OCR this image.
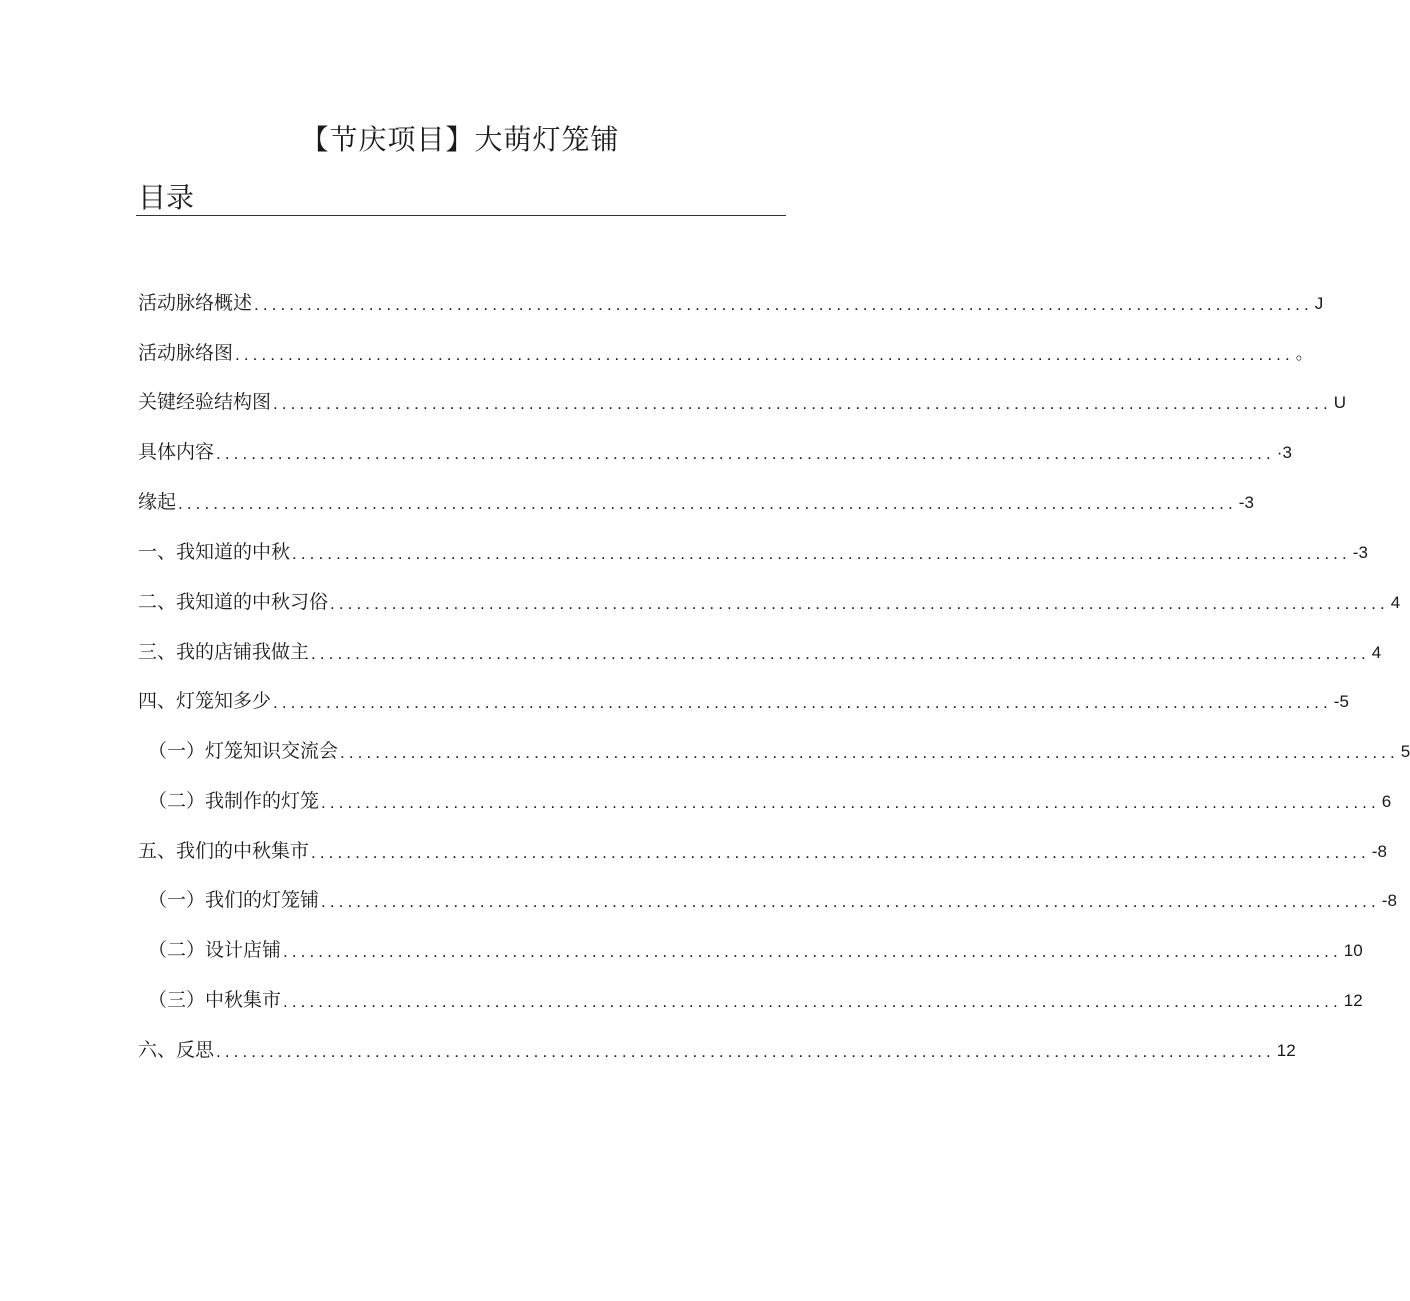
【节庆项目】大萌灯笼铺
目录
活动脉络概述 ........................................................................................................................ J
活动脉络图 ........................................................................................................................ 。
关键经验结构图 ........................................................................................................................ U
具体内容 ........................................................................................................................ ·3
缘起 ........................................................................................................................ -3
一、我知道的中秋 ........................................................................................................................ -3
二、我知道的中秋习俗 ........................................................................................................................ 4
三、我的店铺我做主 ........................................................................................................................ 4
四、灯笼知多少 ........................................................................................................................ -5
（一）灯笼知识交流会 ........................................................................................................................ 5
（二）我制作的灯笼 ........................................................................................................................ 6
五、我们的中秋集市 ........................................................................................................................ -8
（一）我们的灯笼铺 ........................................................................................................................ -8
（二）设计店铺 ........................................................................................................................ 10
（三）中秋集市 ........................................................................................................................ 12
六、反思 ........................................................................................................................ 12
